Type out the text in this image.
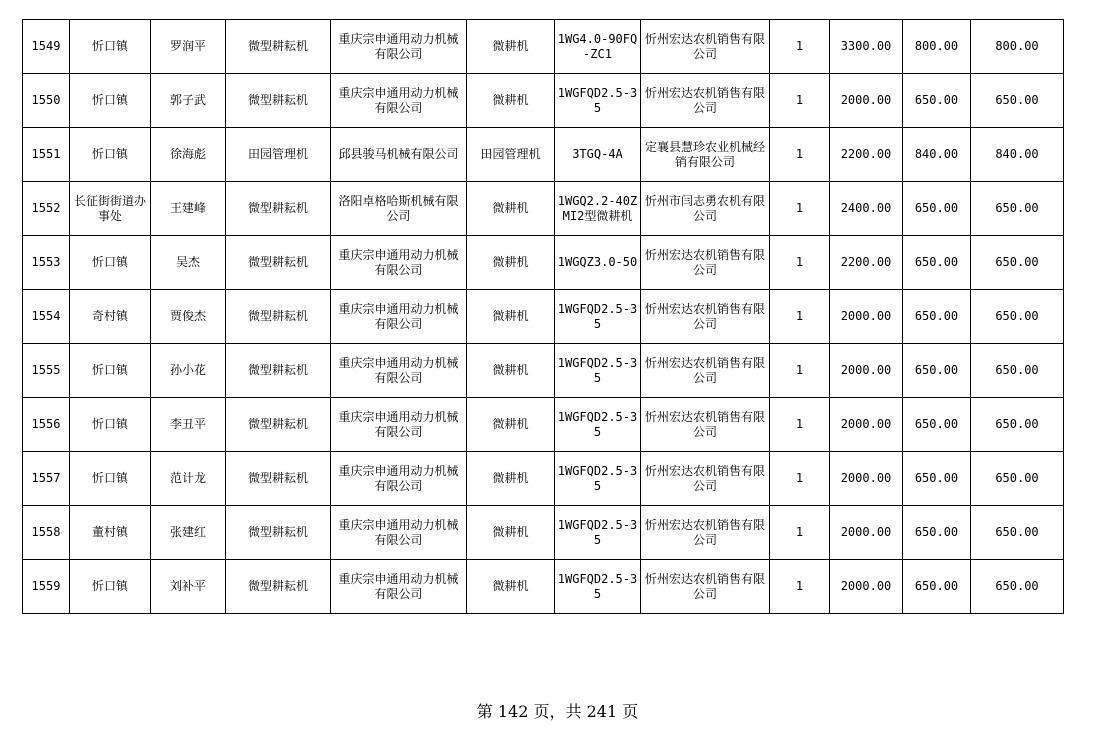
1549	忻口镇	罗润平	微型耕耘机	重庆宗申通用动力机械有限公司	微耕机	1WG4.0-90FQ-ZC1	忻州宏达农机销售有限公司	1	3300.00	800.00	800.00
1550	忻口镇	郭子武	微型耕耘机	重庆宗申通用动力机械有限公司	微耕机	1WGFQD2.5-35	忻州宏达农机销售有限公司	1	2000.00	650.00	650.00
1551	忻口镇	徐海彪	田园管理机	邱县骏马机械有限公司	田园管理机	3TGQ-4A	定襄县慧珍农业机械经销有限公司	1	2200.00	840.00	840.00
1552	长征街街道办事处	王建峰	微型耕耘机	洛阳卓格哈斯机械有限公司	微耕机	1WGQ2.2-40ZMI2型微耕机	忻州市闫志勇农机有限公司	1	2400.00	650.00	650.00
1553	忻口镇	吴杰	微型耕耘机	重庆宗申通用动力机械有限公司	微耕机	1WGQZ3.0-50	忻州宏达农机销售有限公司	1	2200.00	650.00	650.00
1554	奇村镇	贾俊杰	微型耕耘机	重庆宗申通用动力机械有限公司	微耕机	1WGFQD2.5-35	忻州宏达农机销售有限公司	1	2000.00	650.00	650.00
1555	忻口镇	孙小花	微型耕耘机	重庆宗申通用动力机械有限公司	微耕机	1WGFQD2.5-35	忻州宏达农机销售有限公司	1	2000.00	650.00	650.00
1556	忻口镇	李丑平	微型耕耘机	重庆宗申通用动力机械有限公司	微耕机	1WGFQD2.5-35	忻州宏达农机销售有限公司	1	2000.00	650.00	650.00
1557	忻口镇	范计龙	微型耕耘机	重庆宗申通用动力机械有限公司	微耕机	1WGFQD2.5-35	忻州宏达农机销售有限公司	1	2000.00	650.00	650.00
1558	董村镇	张建红	微型耕耘机	重庆宗申通用动力机械有限公司	微耕机	1WGFQD2.5-35	忻州宏达农机销售有限公司	1	2000.00	650.00	650.00
1559	忻口镇	刘补平	微型耕耘机	重庆宗申通用动力机械有限公司	微耕机	1WGFQD2.5-35	忻州宏达农机销售有限公司	1	2000.00	650.00	650.00
第 142 页，共 241 页
